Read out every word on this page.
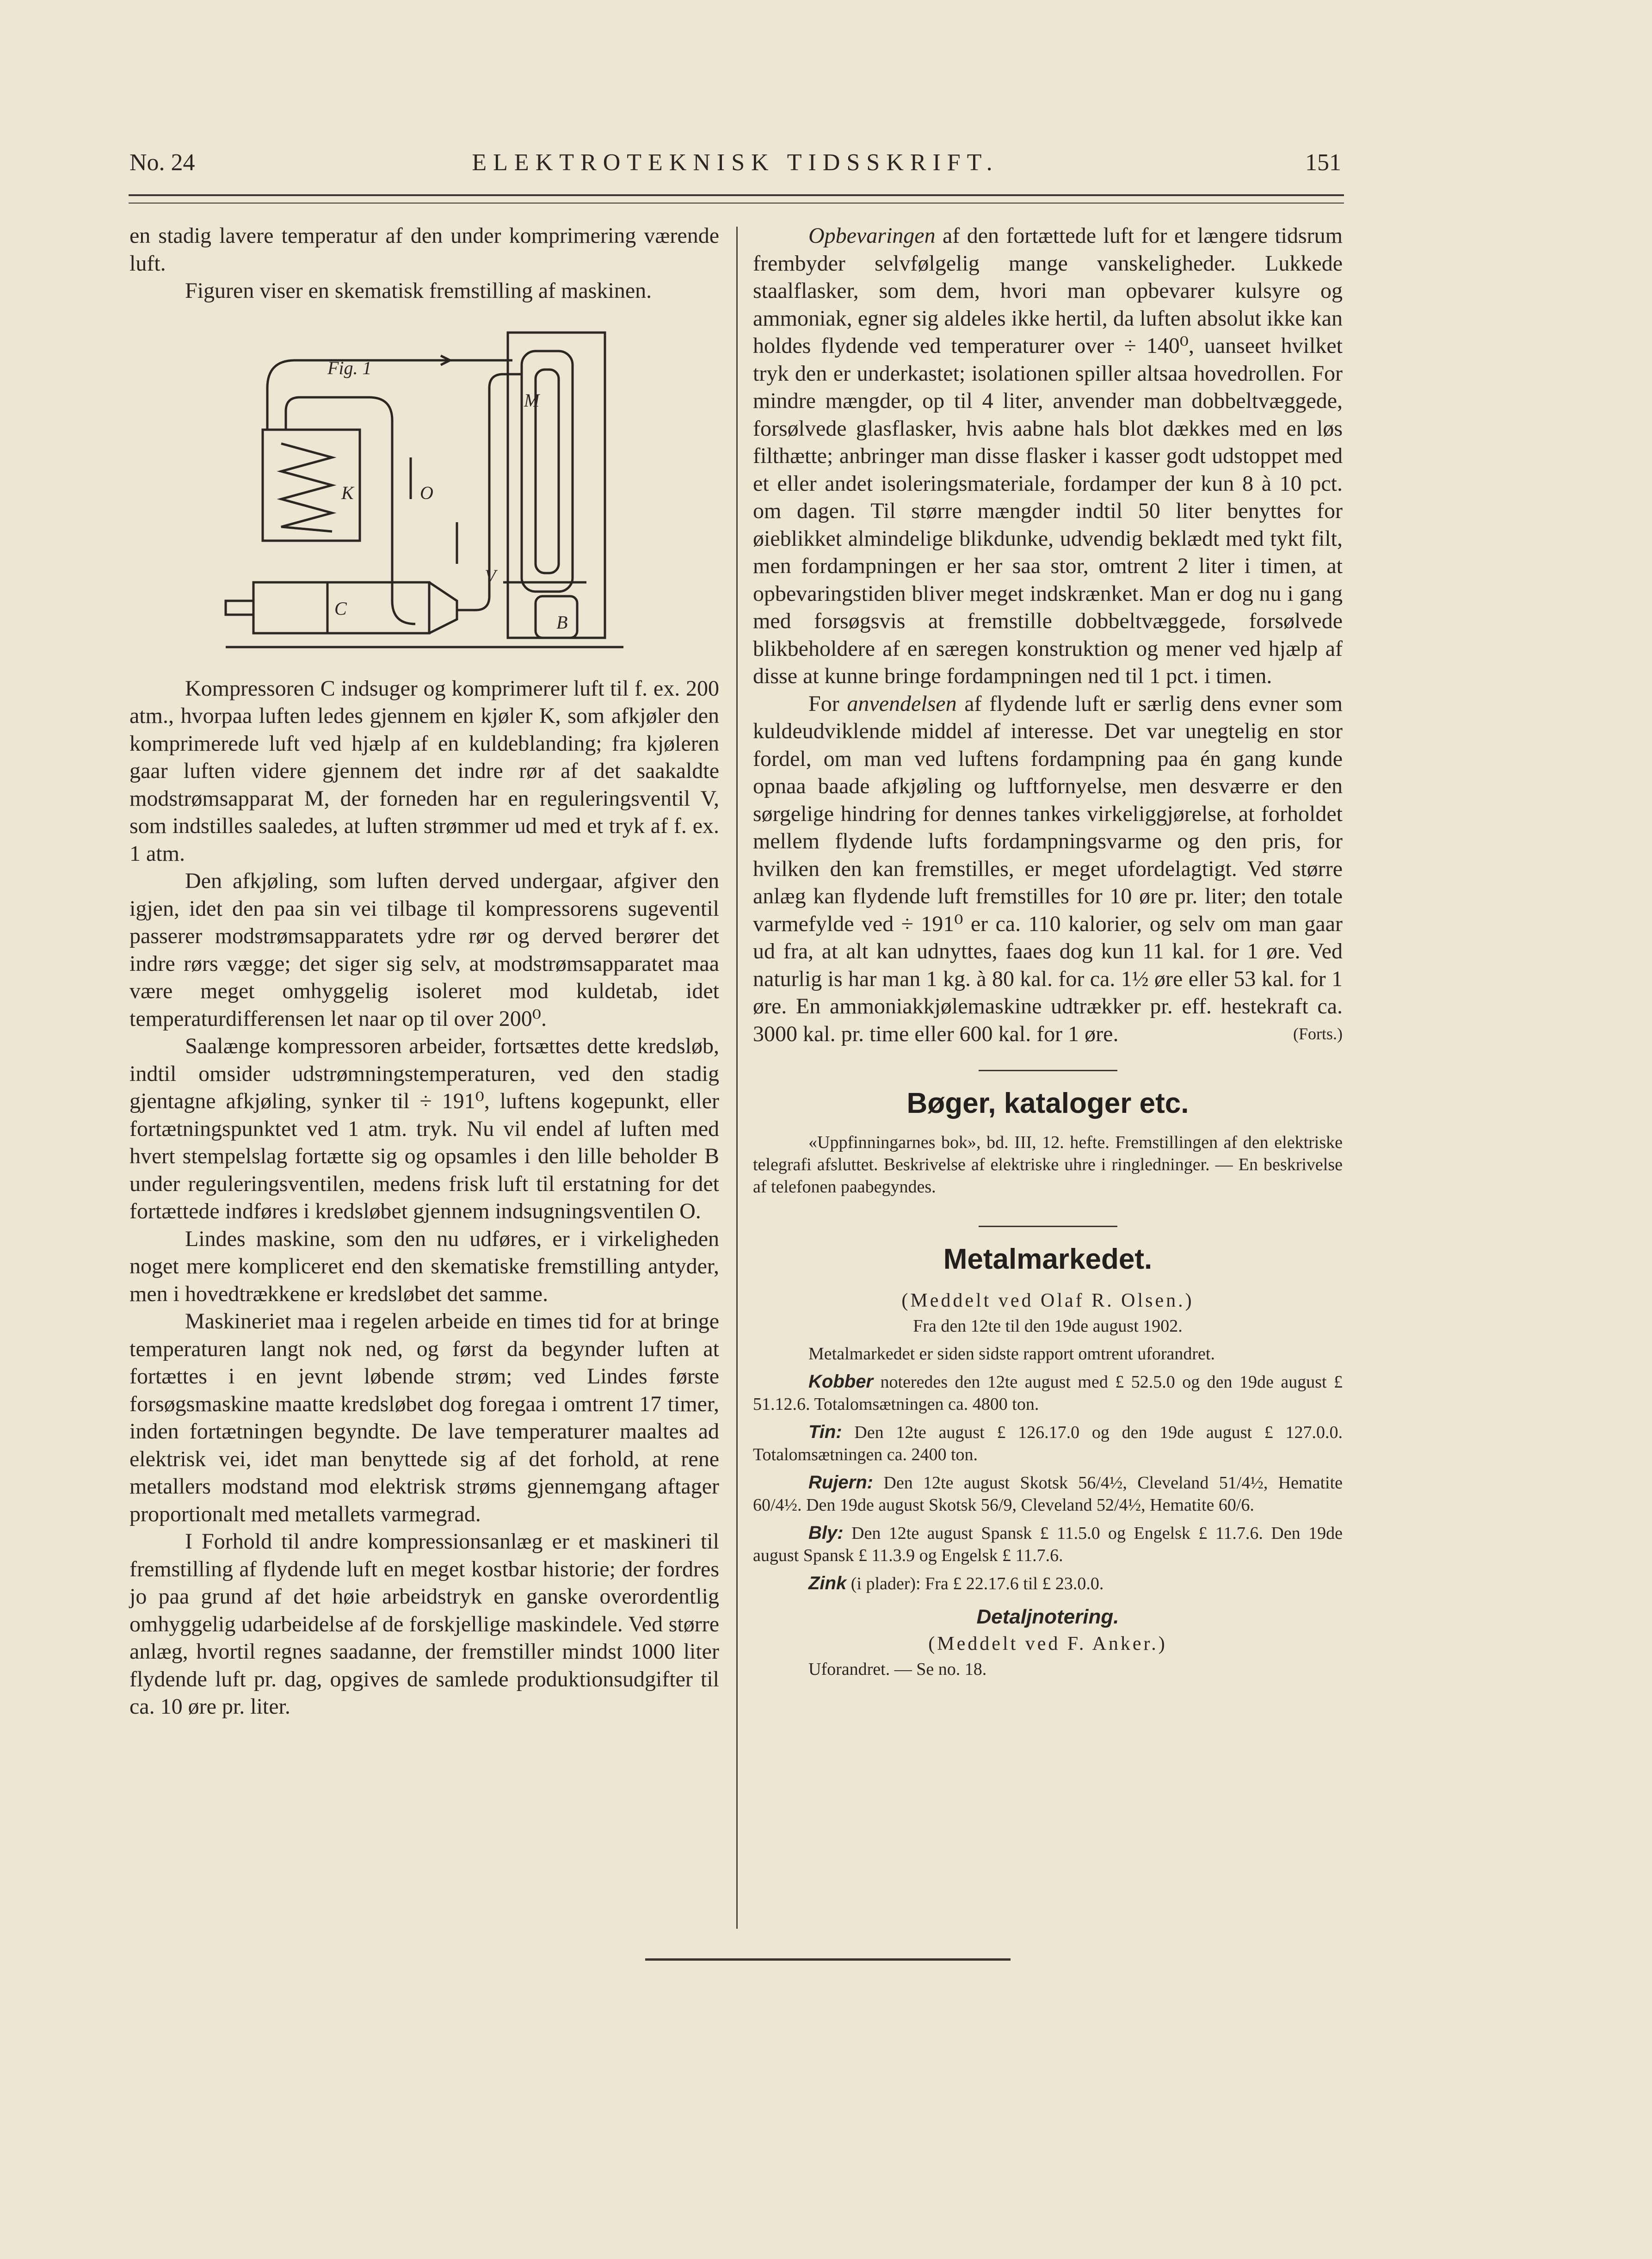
No. 24	ELEKTROTEKNISK TIDSSKRIFT.	151

en stadig lavere temperatur af den under komprimering værende luft.

Figuren viser en skematisk fremstilling af maskinen.

Fig. 1
M
K
C
B
V
O

Kompressoren C indsuger og komprimerer luft til f. ex. 200 atm., hvorpaa luften ledes gjennem en kjøler K, som afkjøler den komprimerede luft ved hjælp af en kuldeblanding; fra kjøleren gaar luften videre gjennem det indre rør af det saakaldte modstrømsapparat M, der forneden har en reguleringsventil V, som indstilles saaledes, at luften strømmer ud med et tryk af f. ex. 1 atm.

Den afkjøling, som luften derved undergaar, afgiver den igjen, idet den paa sin vei tilbage til kompressorens sugeventil passerer modstrømsapparatets ydre rør og derved berører det indre rørs vægge; det siger sig selv, at modstrømsapparatet maa være meget omhyggelig isoleret mod kuldetab, idet temperaturdifferensen let naar op til over 200⁰.

Saalænge kompressoren arbeider, fortsættes dette kredsløb, indtil omsider udstrømningstemperaturen, ved den stadig gjentagne afkjøling, synker til ÷ 191⁰, luftens kogepunkt, eller fortætningspunktet ved 1 atm. tryk. Nu vil endel af luften med hvert stempelslag fortætte sig og opsamles i den lille beholder B under reguleringsventilen, medens frisk luft til erstatning for det fortættede indføres i kredsløbet gjennem indsugningsventilen O.

Lindes maskine, som den nu udføres, er i virkeligheden noget mere kompliceret end den skematiske fremstilling antyder, men i hovedtrækkene er kredsløbet det samme.

Maskineriet maa i regelen arbeide en times tid for at bringe temperaturen langt nok ned, og først da begynder luften at fortættes i en jevnt løbende strøm; ved Lindes første forsøgsmaskine maatte kredsløbet dog foregaa i omtrent 17 timer, inden fortætningen begyndte. De lave temperaturer maaltes ad elektrisk vei, idet man benyttede sig af det forhold, at rene metallers modstand mod elektrisk strøms gjennemgang aftager proportionalt med metallets varmegrad.

I Forhold til andre kompressionsanlæg er et maskineri til fremstilling af flydende luft en meget kostbar historie; der fordres jo paa grund af det høie arbeidstryk en ganske overordentlig omhyggelig udarbeidelse af de forskjellige maskindele. Ved større anlæg, hvortil regnes saadanne, der fremstiller mindst 1000 liter flydende luft pr. dag, opgives de samlede produktionsudgifter til ca. 10 øre pr. liter.

Opbevaringen af den fortættede luft for et længere tidsrum frembyder selvfølgelig mange vanskeligheder. Lukkede staalflasker, som dem, hvori man opbevarer kulsyre og ammoniak, egner sig aldeles ikke hertil, da luften absolut ikke kan holdes flydende ved temperaturer over ÷ 140⁰, uanseet hvilket tryk den er underkastet; isolationen spiller altsaa hovedrollen. For mindre mængder, op til 4 liter, anvender man dobbeltvæggede, forsølvede glasflasker, hvis aabne hals blot dækkes med en løs filthætte; anbringer man disse flasker i kasser godt udstoppet med et eller andet isoleringsmateriale, fordamper der kun 8 à 10 pct. om dagen. Til større mængder indtil 50 liter benyttes for øieblikket almindelige blikdunke, udvendig beklædt med tykt filt, men fordampningen er her saa stor, omtrent 2 liter i timen, at opbevaringstiden bliver meget indskrænket. Man er dog nu i gang med forsøgsvis at fremstille dobbeltvæggede, forsølvede blikbeholdere af en særegen konstruktion og mener ved hjælp af disse at kunne bringe fordampningen ned til 1 pct. i timen.

For anvendelsen af flydende luft er særlig dens evner som kuldeudviklende middel af interesse. Det var unegtelig en stor fordel, om man ved luftens fordampning paa én gang kunde opnaa baade afkjøling og luftfornyelse, men desværre er den sørgelige hindring for dennes tankes virkeliggjørelse, at forholdet mellem flydende lufts fordampningsvarme og den pris, for hvilken den kan fremstilles, er meget ufordelagtigt. Ved større anlæg kan flydende luft fremstilles for 10 øre pr. liter; den totale varmefylde ved ÷ 191⁰ er ca. 110 kalorier, og selv om man gaar ud fra, at alt kan udnyttes, faaes dog kun 11 kal. for 1 øre. Ved naturlig is har man 1 kg. à 80 kal. for ca. 1½ øre eller 53 kal. for 1 øre. En ammoniakkjølemaskine udtrækker pr. eff. hestekraft ca. 3000 kal. pr. time eller 600 kal. for 1 øre.	(Forts.)

Bøger, kataloger etc.

«Uppfinningarnes bok», bd. III, 12. hefte. Fremstillingen af den elektriske telegrafi afsluttet. Beskrivelse af elektriske uhre i ringledninger. — En beskrivelse af telefonen paabegyndes.

Metalmarkedet.

(Meddelt ved Olaf R. Olsen.)

Fra den 12te til den 19de august 1902.

Metalmarkedet er siden sidste rapport omtrent uforandret.

Kobber noteredes den 12te august med £ 52.5.0 og den 19de august £ 51.12.6. Totalomsætningen ca. 4800 ton.

Tin: Den 12te august £ 126.17.0 og den 19de august £ 127.0.0. Totalomsætningen ca. 2400 ton.

Rujern: Den 12te august Skotsk 56/4½, Cleveland 51/4½, Hematite 60/4½. Den 19de august Skotsk 56/9, Cleveland 52/4½, Hematite 60/6.

Bly: Den 12te august Spansk £ 11.5.0 og Engelsk £ 11.7.6. Den 19de august Spansk £ 11.3.9 og Engelsk £ 11.7.6.

Zink (i plader): Fra £ 22.17.6 til £ 23.0.0.

Detaljnotering.

(Meddelt ved F. Anker.)

Uforandret. — Se no. 18.
